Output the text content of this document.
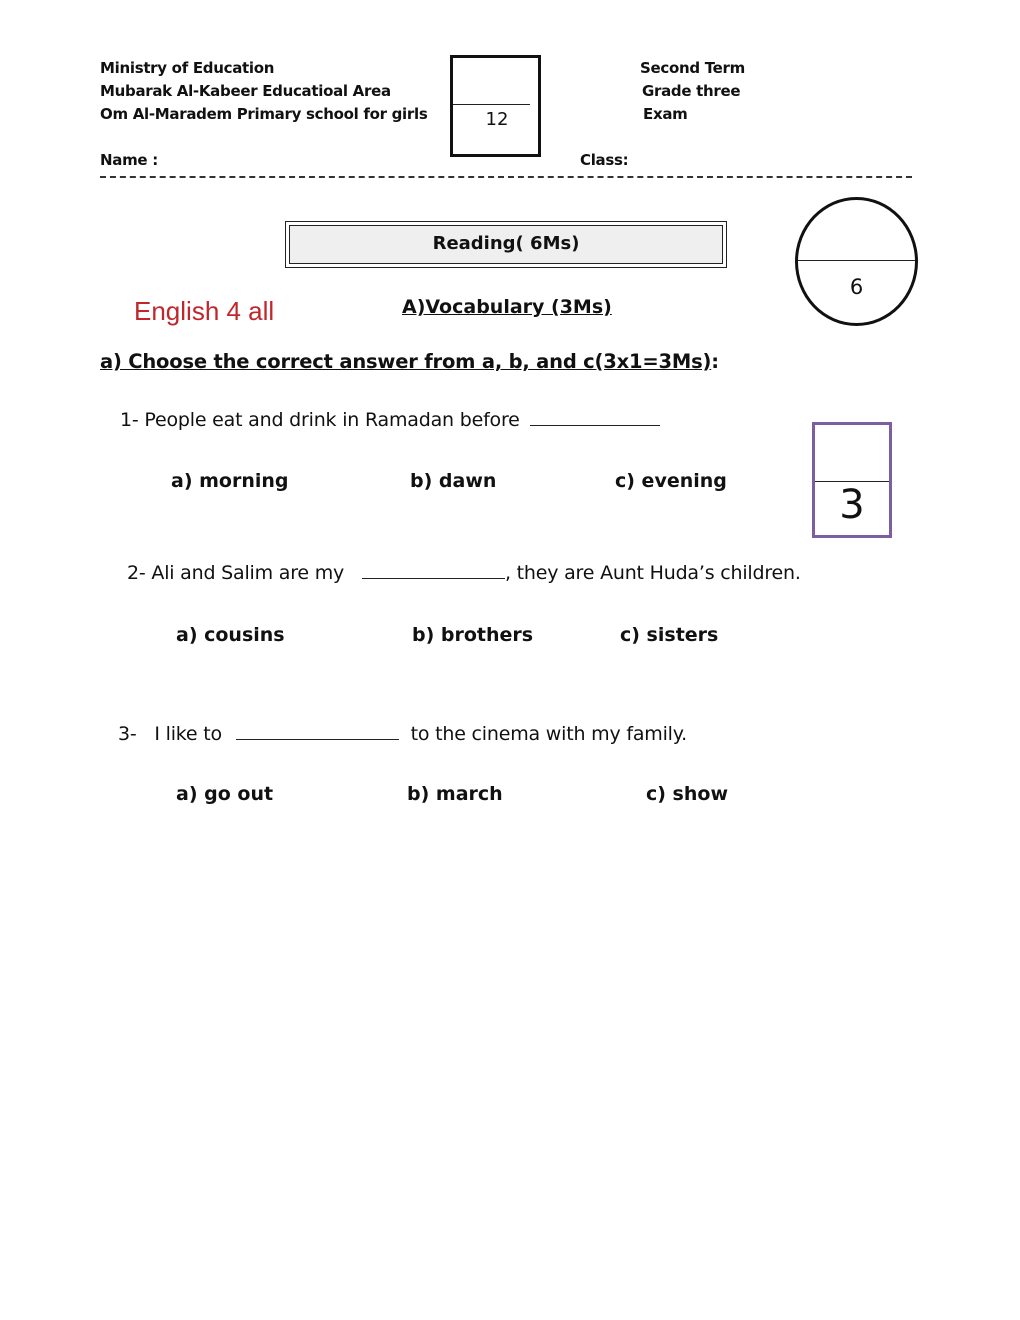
Ministry of Education
Mubarak Al-Kabeer Educatioal Area
Om Al-Maradem Primary school for girls
Second Term
Grade three
Exam
12
Name :	Class:
Reading( 6Ms)
6
English 4 all	A)Vocabulary (3Ms)
a) Choose the correct answer from a, b, and c(3x1=3Ms):
3
1- People eat and drink in Ramadan before
a) morning	b) dawn	c) evening
2- Ali and Salim are my	, they are Aunt Huda’s children.
a) cousins	b) brothers	c) sisters
3- I like to	to the cinema with my family.
a) go out	b) march	c) show
